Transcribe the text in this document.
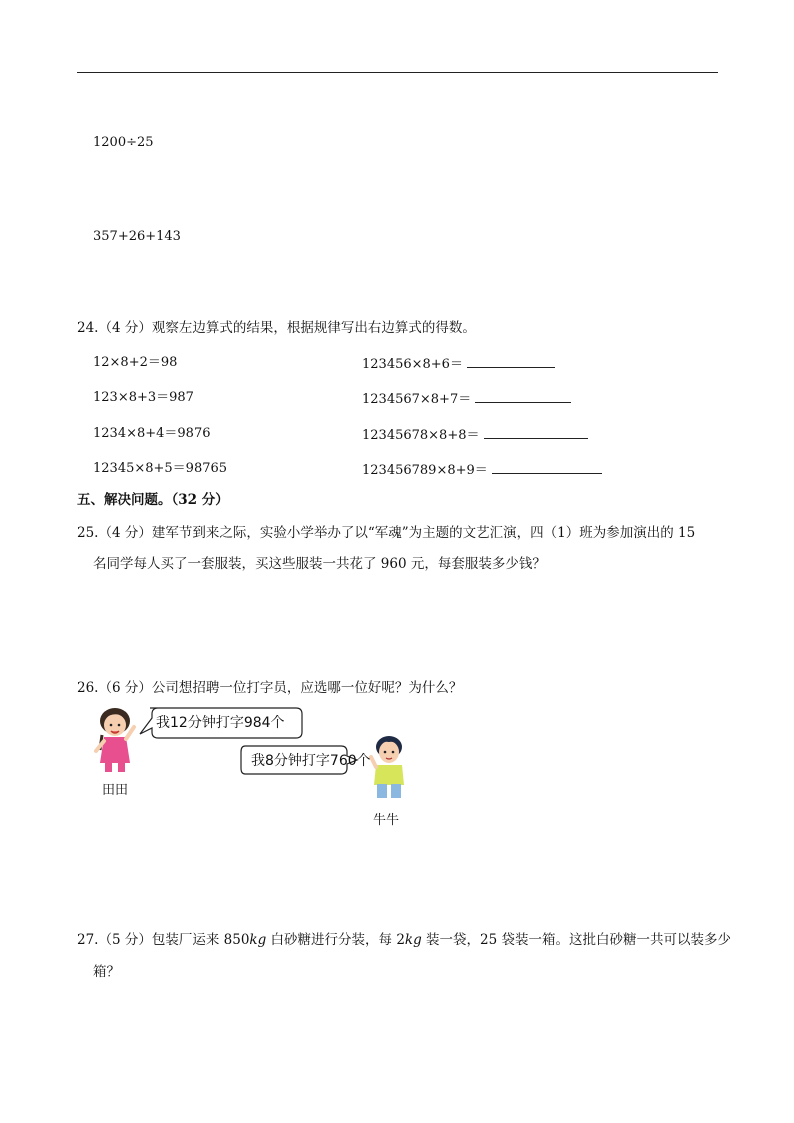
1200÷25
357+26+143
24.（4 分）观察左边算式的结果，根据规律写出右边算式的得数。
12×8+2＝98
123×8+3＝987
1234×8+4＝9876
12345×8+5＝98765
123456×8+6＝
1234567×8+7＝
12345678×8+8＝
123456789×8+9＝
五、解决问题。（32 分）
25.（4 分）建军节到来之际，实验小学举办了以“军魂”为主题的文艺汇演，四（1）班为参加演出的 15
名同学每人买了一套服装，买这些服装一共花了 960 元，每套服装多少钱？
26.（6 分）公司想招聘一位打字员，应选哪一位好呢？为什么？
田田
我12分钟打字984个
我8分钟打字760个
牛牛
27.（5 分）包装厂运来 850kg 白砂糖进行分装，每 2kg 装一袋，25 袋装一箱。这批白砂糖一共可以装多少
箱？
